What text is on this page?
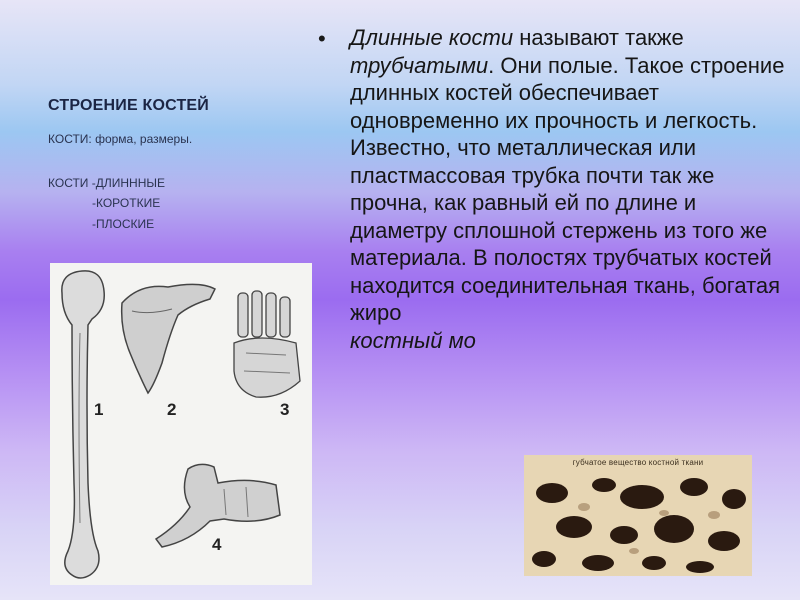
СТРОЕНИЕ КОСТЕЙ

КОСТИ: форма, размеры.

КОСТИ -ДЛИНННЫЕ

-КОРОТКИЕ

-ПЛОСКИЕ

• Длинные кости называют также трубчатыми. Они полые. Такое строение длинных костей обеспечивает одновременно их прочность и легкость. Известно, что металлическая или пластмассовая трубка почти так же прочна, как равный ей по длине и диаметру сплошной стержень из того же материала. В полостях трубчатых костей находится соединительная ткань, богатая жиро
костный мо

1	2	3
4
губчатое вещество костной ткани
